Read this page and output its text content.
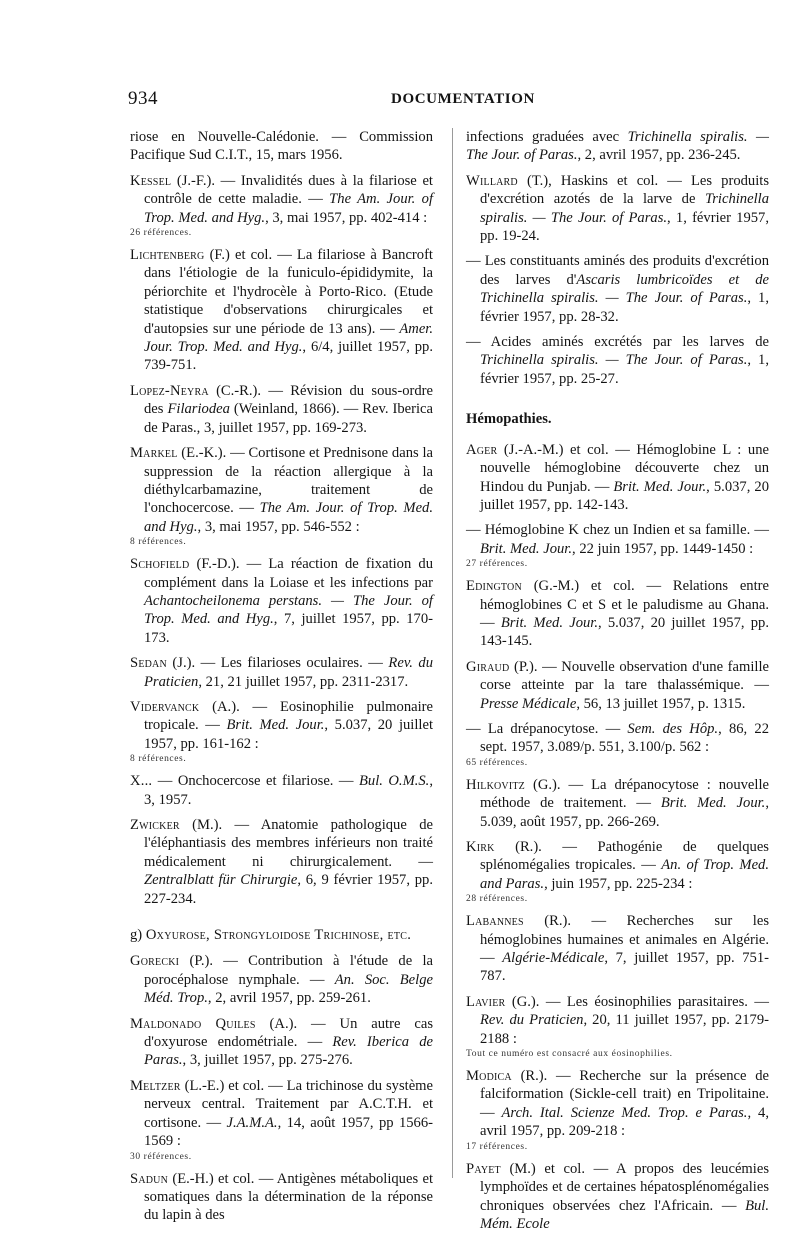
934	DOCUMENTATION

riose en Nouvelle-Calédonie. — Commission Pacifique Sud C.I.T., 15, mars 1956.

Kessel (J.-F.). — Invalidités dues à la filariose et contrôle de cette maladie. — The Am. Jour. of Trop. Med. and Hyg., 3, mai 1957, pp. 402-414 :
26 références.

Lichtenberg (F.) et col. — La filariose à Bancroft dans l'étiologie de la funiculo-épididymite, la périorchite et l'hydrocèle à Porto-Rico. (Etude statistique d'observations chirurgicales et d'autopsies sur une période de 13 ans). — Amer. Jour. Trop. Med. and Hyg., 6/4, juillet 1957, pp. 739-751.

Lopez-Neyra (C.-R.). — Révision du sous-ordre des Filariodea (Weinland, 1866). — Rev. Iberica de Paras., 3, juillet 1957, pp. 169-273.

Markel (E.-K.). — Cortisone et Prednisone dans la suppression de la réaction allergique à la diéthylcarbamazine, traitement de l'onchocercose. — The Am. Jour. of Trop. Med. and Hyg., 3, mai 1957, pp. 546-552 :
8 références.

Schofield (F.-D.). — La réaction de fixation du complément dans la Loiase et les infections par Achantocheilonema perstans. — The Jour. of Trop. Med. and Hyg., 7, juillet 1957, pp. 170-173.

Sedan (J.). — Les filarioses oculaires. — Rev. du Praticien, 21, 21 juillet 1957, pp. 2311-2317.

Vidervanck (A.). — Eosinophilie pulmonaire tropicale. — Brit. Med. Jour., 5.037, 20 juillet 1957, pp. 161-162 :
8 références.

X... — Onchocercose et filariose. — Bul. O.M.S., 3, 1957.

Zwicker (M.). — Anatomie pathologique de l'éléphantiasis des membres inférieurs non traité médicalement ni chirurgicalement. — Zentralblatt für Chirurgie, 6, 9 février 1957, pp. 227-234.

g) Oxyurose, Strongyloidose Trichinose, etc.

Gorecki (P.). — Contribution à l'étude de la porocéphalose nymphale. — An. Soc. Belge Méd. Trop., 2, avril 1957, pp. 259-261.

Maldonado Quiles (A.). — Un autre cas d'oxyurose endométriale. — Rev. Iberica de Paras., 3, juillet 1957, pp. 275-276.

Meltzer (L.-E.) et col. — La trichinose du système nerveux central. Traitement par A.C.T.H. et cortisone. — J.A.M.A., 14, août 1957, pp 1566-1569 :
30 références.

Sadun (E.-H.) et col. — Antigènes métaboliques et somatiques dans la détermination de la réponse du lapin à des

infections graduées avec Trichinella spiralis. — The Jour. of Paras., 2, avril 1957, pp. 236-245.

Willard (T.), Haskins et col. — Les produits d'excrétion azotés de la larve de Trichinella spiralis. — The Jour. of Paras., 1, février 1957, pp. 19-24.

— Les constituants aminés des produits d'excrétion des larves d'Ascaris lumbricoïdes et de Trichinella spiralis. — The Jour. of Paras., 1, février 1957, pp. 28-32.

— Acides aminés excrétés par les larves de Trichinella spiralis. — The Jour. of Paras., 1, février 1957, pp. 25-27.

Hémopathies.

Ager (J.-A.-M.) et col. — Hémoglobine L : une nouvelle hémoglobine découverte chez un Hindou du Punjab. — Brit. Med. Jour., 5.037, 20 juillet 1957, pp. 142-143.

— Hémoglobine K chez un Indien et sa famille. — Brit. Med. Jour., 22 juin 1957, pp. 1449-1450 :
27 références.

Edington (G.-M.) et col. — Relations entre hémoglobines C et S et le paludisme au Ghana. — Brit. Med. Jour., 5.037, 20 juillet 1957, pp. 143-145.

Giraud (P.). — Nouvelle observation d'une famille corse atteinte par la tare thalassémique. — Presse Médicale, 56, 13 juillet 1957, p. 1315.

— La drépanocytose. — Sem. des Hôp., 86, 22 sept. 1957, 3.089/p. 551, 3.100/p. 562 :
65 références.

Hilkovitz (G.). — La drépanocytose : nouvelle méthode de traitement. — Brit. Med. Jour., 5.039, août 1957, pp. 266-269.

Kirk (R.). — Pathogénie de quelques splénomégalies tropicales. — An. of Trop. Med. and Paras., juin 1957, pp. 225-234 :
28 références.

Labannes (R.). — Recherches sur les hémoglobines humaines et animales en Algérie. — Algérie-Médicale, 7, juillet 1957, pp. 751-787.

Lavier (G.). — Les éosinophilies parasitaires. — Rev. du Praticien, 20, 11 juillet 1957, pp. 2179-2188 :
Tout ce numéro est consacré aux éosinophilies.

Modica (R.). — Recherche sur la présence de falciformation (Sickle-cell trait) en Tripolitaine. — Arch. Ital. Scienze Med. Trop. e Paras., 4, avril 1957, pp. 209-218 :
17 références.

Payet (M.) et col. — A propos des leucémies lymphoïdes et de certaines hépatosplénomégalies chroniques observées chez l'Africain. — Bul. Mém. Ecole
